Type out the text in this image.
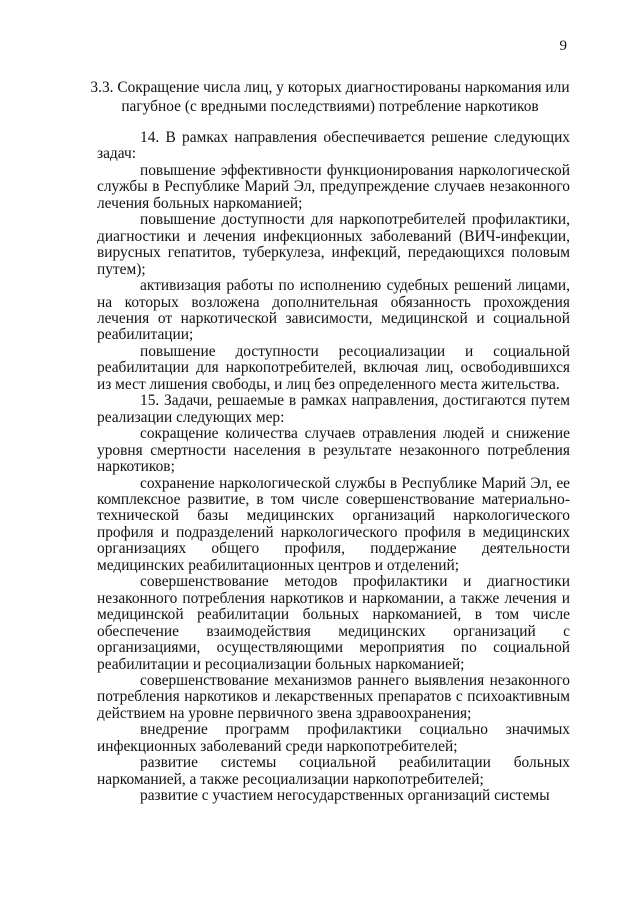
9
3.3. Сокращение числа лиц, у которых диагностированы наркомания или пагубное (с вредными последствиями) потребление наркотиков

14. В рамках направления обеспечивается решение следующих задач:

повышение эффективности функционирования наркологической службы в Республике Марий Эл, предупреждение случаев незаконного лечения больных наркоманией;

повышение доступности для наркопотребителей профилактики, диагностики и лечения инфекционных заболеваний (ВИЧ-инфекции, вирусных гепатитов, туберкулеза, инфекций, передающихся половым путем);

активизация работы по исполнению судебных решений лицами, на которых возложена дополнительная обязанность прохождения лечения от наркотической зависимости, медицинской и социальной реабилитации;

повышение доступности ресоциализации и социальной реабилитации для наркопотребителей, включая лиц, освободившихся из мест лишения свободы, и лиц без определенного места жительства.

15. Задачи, решаемые в рамках направления, достигаются путем реализации следующих мер:

сокращение количества случаев отравления людей и снижение уровня смертности населения в результате незаконного потребления наркотиков;

сохранение наркологической службы в Республике Марий Эл, ее комплексное развитие, в том числе совершенствование материально-технической базы медицинских организаций наркологического профиля и подразделений наркологического профиля в медицинских организациях общего профиля, поддержание деятельности медицинских реабилитационных центров и отделений;

совершенствование методов профилактики и диагностики незаконного потребления наркотиков и наркомании, а также лечения и медицинской реабилитации больных наркоманией, в том числе обеспечение взаимодействия медицинских организаций с организациями, осуществляющими мероприятия по социальной реабилитации и ресоциализации больных наркоманией;

совершенствование механизмов раннего выявления незаконного потребления наркотиков и лекарственных препаратов с психоактивным действием на уровне первичного звена здравоохранения;

внедрение программ профилактики социально значимых инфекционных заболеваний среди наркопотребителей;

развитие системы социальной реабилитации больных наркоманией, а также ресоциализации наркопотребителей;

развитие с участием негосударственных организаций системы
